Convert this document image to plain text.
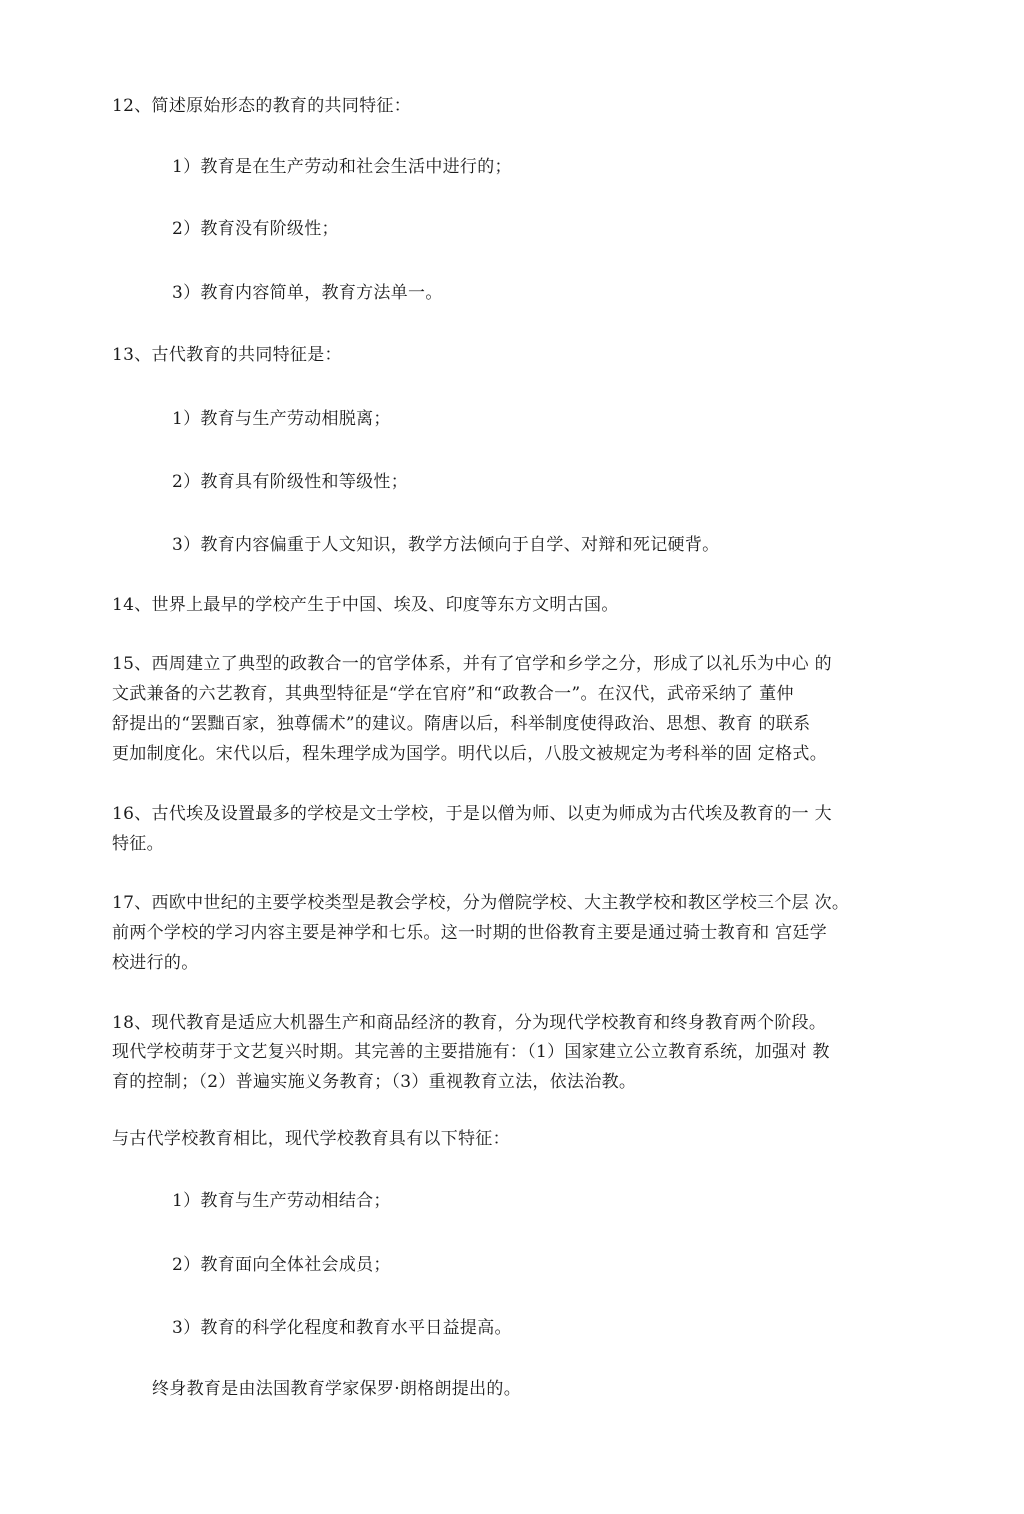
12、简述原始形态的教育的共同特征：
1）教育是在生产劳动和社会生活中进行的；
2）教育没有阶级性；
3）教育内容简单，教育方法单一。
13、古代教育的共同特征是：
1）教育与生产劳动相脱离；
2）教育具有阶级性和等级性；
3）教育内容偏重于人文知识，教学方法倾向于自学、对辩和死记硬背。
14、世界上最早的学校产生于中国、埃及、印度等东方文明古国。
15、西周建立了典型的政教合一的官学体系，并有了官学和乡学之分，形成了以礼乐为中心 的
文武兼备的六艺教育，其典型特征是“学在官府”和“政教合一”。在汉代，武帝采纳了 董仲
舒提出的“罢黜百家，独尊儒术”的建议。隋唐以后，科举制度使得政治、思想、教育 的联系
更加制度化。宋代以后，程朱理学成为国学。明代以后，八股文被规定为考科举的固 定格式。
16、古代埃及设置最多的学校是文士学校，于是以僧为师、以吏为师成为古代埃及教育的一 大
特征。
17、西欧中世纪的主要学校类型是教会学校，分为僧院学校、大主教学校和教区学校三个层 次。
前两个学校的学习内容主要是神学和七乐。这一时期的世俗教育主要是通过骑士教育和 宫廷学
校进行的。
18、现代教育是适应大机器生产和商品经济的教育，分为现代学校教育和终身教育两个阶段。
现代学校萌芽于文艺复兴时期。其完善的主要措施有：（1）国家建立公立教育系统，加强对 教
育的控制；（2）普遍实施义务教育；（3）重视教育立法，依法治教。
与古代学校教育相比，现代学校教育具有以下特征：
1）教育与生产劳动相结合；
2）教育面向全体社会成员；
3）教育的科学化程度和教育水平日益提高。
终身教育是由法国教育学家保罗·朗格朗提出的。
